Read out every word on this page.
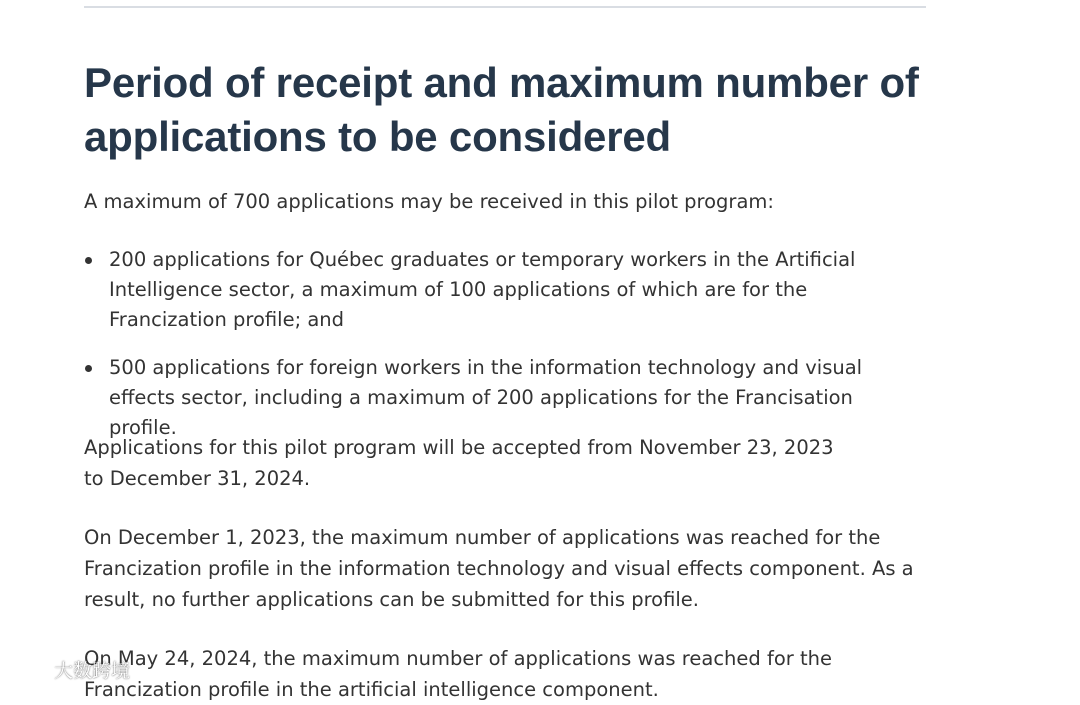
Period of receipt and maximum number of applications to be considered

A maximum of 700 applications may be received in this pilot program:

200 applications for Québec graduates or temporary workers in the Artificial Intelligence sector, a maximum of 100 applications of which are for the Francization profile; and
500 applications for foreign workers in the information technology and visual effects sector, including a maximum of 200 applications for the Francisation profile.

Applications for this pilot program will be accepted from November 23, 2023 to December 31, 2024.

On December 1, 2023, the maximum number of applications was reached for the Francization profile in the information technology and visual effects component. As a result, no further applications can be submitted for this profile.

On May 24, 2024, the maximum number of applications was reached for the Francization profile in the artificial intelligence component.

大数跨境
